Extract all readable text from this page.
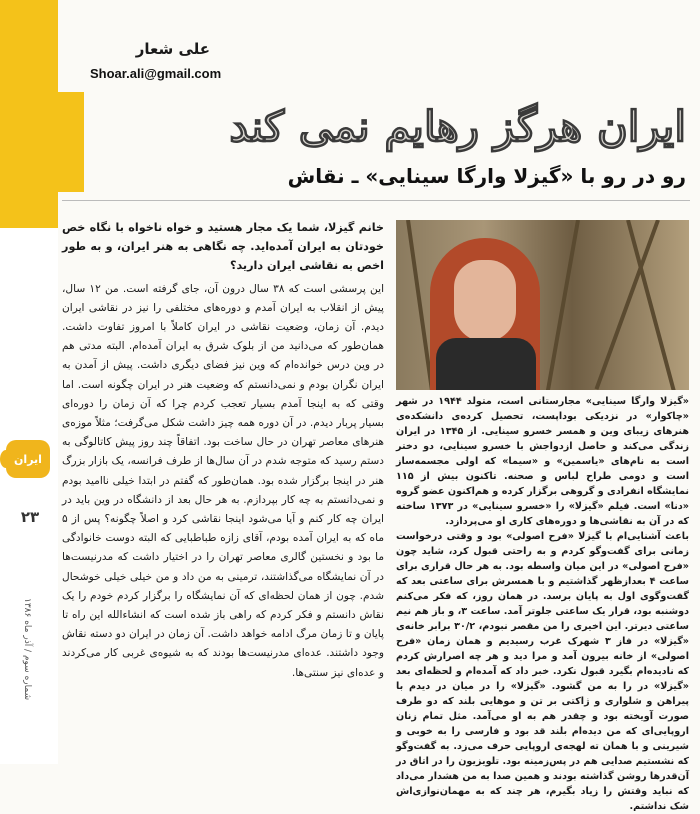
ایران
۲۳
شماره سوم / آذر ماه ۱۳۸۶
علی شعار
Shoar.ali@gmail.com
ایران هرگز رهایم نمی کند
رو در رو با «گیزلا وارگا سینایی» ـ نقاش

خانم گیزلا، شما یک مجار هستید و خواه ناخواه با نگاه خص خودتان به ایران آمده‌اید. چه نگاهی به هنر ایران، و به طور اخص به نقاشی ایران دارید؟

این پرسشی است که ۳۸ سال درون آن، جای گرفته است. من ۱۲ سال، پیش از انقلاب به ایران آمدم و دوره‌های مختلفی را نیز در نقاشی ایران دیدم. آن زمان، وضعیت نقاشی در ایران کاملاً با امروز تفاوت داشت. همان‌طور که می‌دانید من از بلوک شرق به ایران آمده‌ام. البته مدتی هم در وین درس خوانده‌ام که وین نیز فضای دیگری داشت. پیش از آمدن به ایران نگران بودم و نمی‌دانستم که وضعیت هنر در ایران چگونه است. اما وقتی که به اینجا آمدم بسیار تعجب کردم چرا که آن زمان را دوره‌ای بسیار پربار دیدم. در آن دوره همه چیز داشت شکل می‌گرفت؛ مثلاً موزه‌ی هنرهای معاصر تهران در حال ساخت بود. اتفاقاً چند روز پیش کاتالوگی به دستم رسید که متوجه شدم در آن سال‌ها از طرف فرانسه، یک بازار بزرگ هنر در اینجا برگزار شده بود. همان‌طور که گفتم در ابتدا خیلی ناامید بودم و نمی‌دانستم به چه کار بپردازم. به هر حال بعد از دانشگاه در وین باید در ایران چه کار کنم و آیا می‌شود اینجا نقاشی کرد و اصلاً چگونه؟ پس از ۵ ماه که به ایران آمده بودم، آقای زازه طباطبایی که البته دوست خانوادگی ما بود و نخستین گالری معاصر تهران را در اختیار داشت که مدرنیست‌ها در آن نمایشگاه می‌گذاشتند، ترمینی به من داد و من خیلی خیلی خوشحال شدم. چون از همان لحظه‌ای که آن نمایشگاه را برگزار کردم خودم را یک نقاش دانستم و فکر کردم که راهی باز شده است که انشاءالله این راه تا پایان و تا زمان مرگ ادامه خواهد داشت. آن زمان در ایران دو دسته نقاش وجود داشتند. عده‌ای مدرنیست‌ها بودند که به شیوه‌ی غربی کار می‌کردند و عده‌ای نیز سنتی‌ها.

«گیزلا وارگا سینایی» مجارستانی است، متولد ۱۹۴۴ در شهر «چاکوار» در نزدیکی بوداپست، تحصیل کرده‌ی دانشکده‌ی هنرهای زیبای وین و همسر خسرو سینایی. از ۱۳۴۵ در ایران زندگی می‌کند و حاصل ازدواجش با خسرو سینایی، دو دختر است به نام‌های «یاسمین» و «سیما» که اولی مجسمه‌ساز است و دومی طراح لباس و صحنه. تاکنون بیش از ۱۱۵ نمایشگاه انفرادی و گروهی برگزار کرده و هم‌اکنون عضو گروه «دنا» است. فیلم «گیزلا» را «خسرو سینایی» در ۱۳۷۳ ساخته که در آن به نقاشی‌ها و دوره‌های کاری او می‌پردازد.

باعث آشنایی‌ام با گیزلا «فرح اصولی» بود و وقتی درخواست زمانی برای گفت‌وگو کردم و به راحتی قبول کرد، شاید چون «فرح اصولی» در این میان واسطه بود. به هر حال قراری برای ساعت ۴ بعدازظهر گذاشتیم و با همسرش برای ساعتی بعد که گفت‌وگوی اول به پایان برسد. در همان روز، که فکر می‌کنم دوشنبه بود، قرار یک ساعتی جلوتر آمد. ساعت ۳، و باز هم نیم ساعتی دیرتر. این اخیری را من مقصر نبودم، ۳۰/۲ برابر خانه‌ی «گیزلا» در فاز ۳ شهرک غرب رسیدیم و همان زمان «فرح اصولی» از خانه بیرون آمد و مرا دید و هر چه اصرارش کردم که نادیده‌ام بگیرد قبول نکرد. خبر داد که آمده‌ام و لحظه‌ای بعد «گیزلا» در را به من گشود. «گیزلا» را در میان در دیدم با پیراهن و شلواری و ژاکتی بر تن و موهایی بلند که دو طرف صورت آویخته بود و چقدر هم به او می‌آمد. مثل تمام زنان اروپایی‌ای که من دیده‌ام بلند قد بود و فارسی را به خوبی و شیرینی و با همان ته لهجه‌ی اروپایی حرف می‌زد. به گفت‌وگو که نشستیم صدایی هم در پس‌زمینه بود. تلویزیون را در اتاق در آن‌قدرها روشن گذاشته بودند و همین صدا به من هشدار می‌داد که نباید وقتش را زیاد بگیرم، هر چند که به مهمان‌نوازی‌اش شک نداشتم.
